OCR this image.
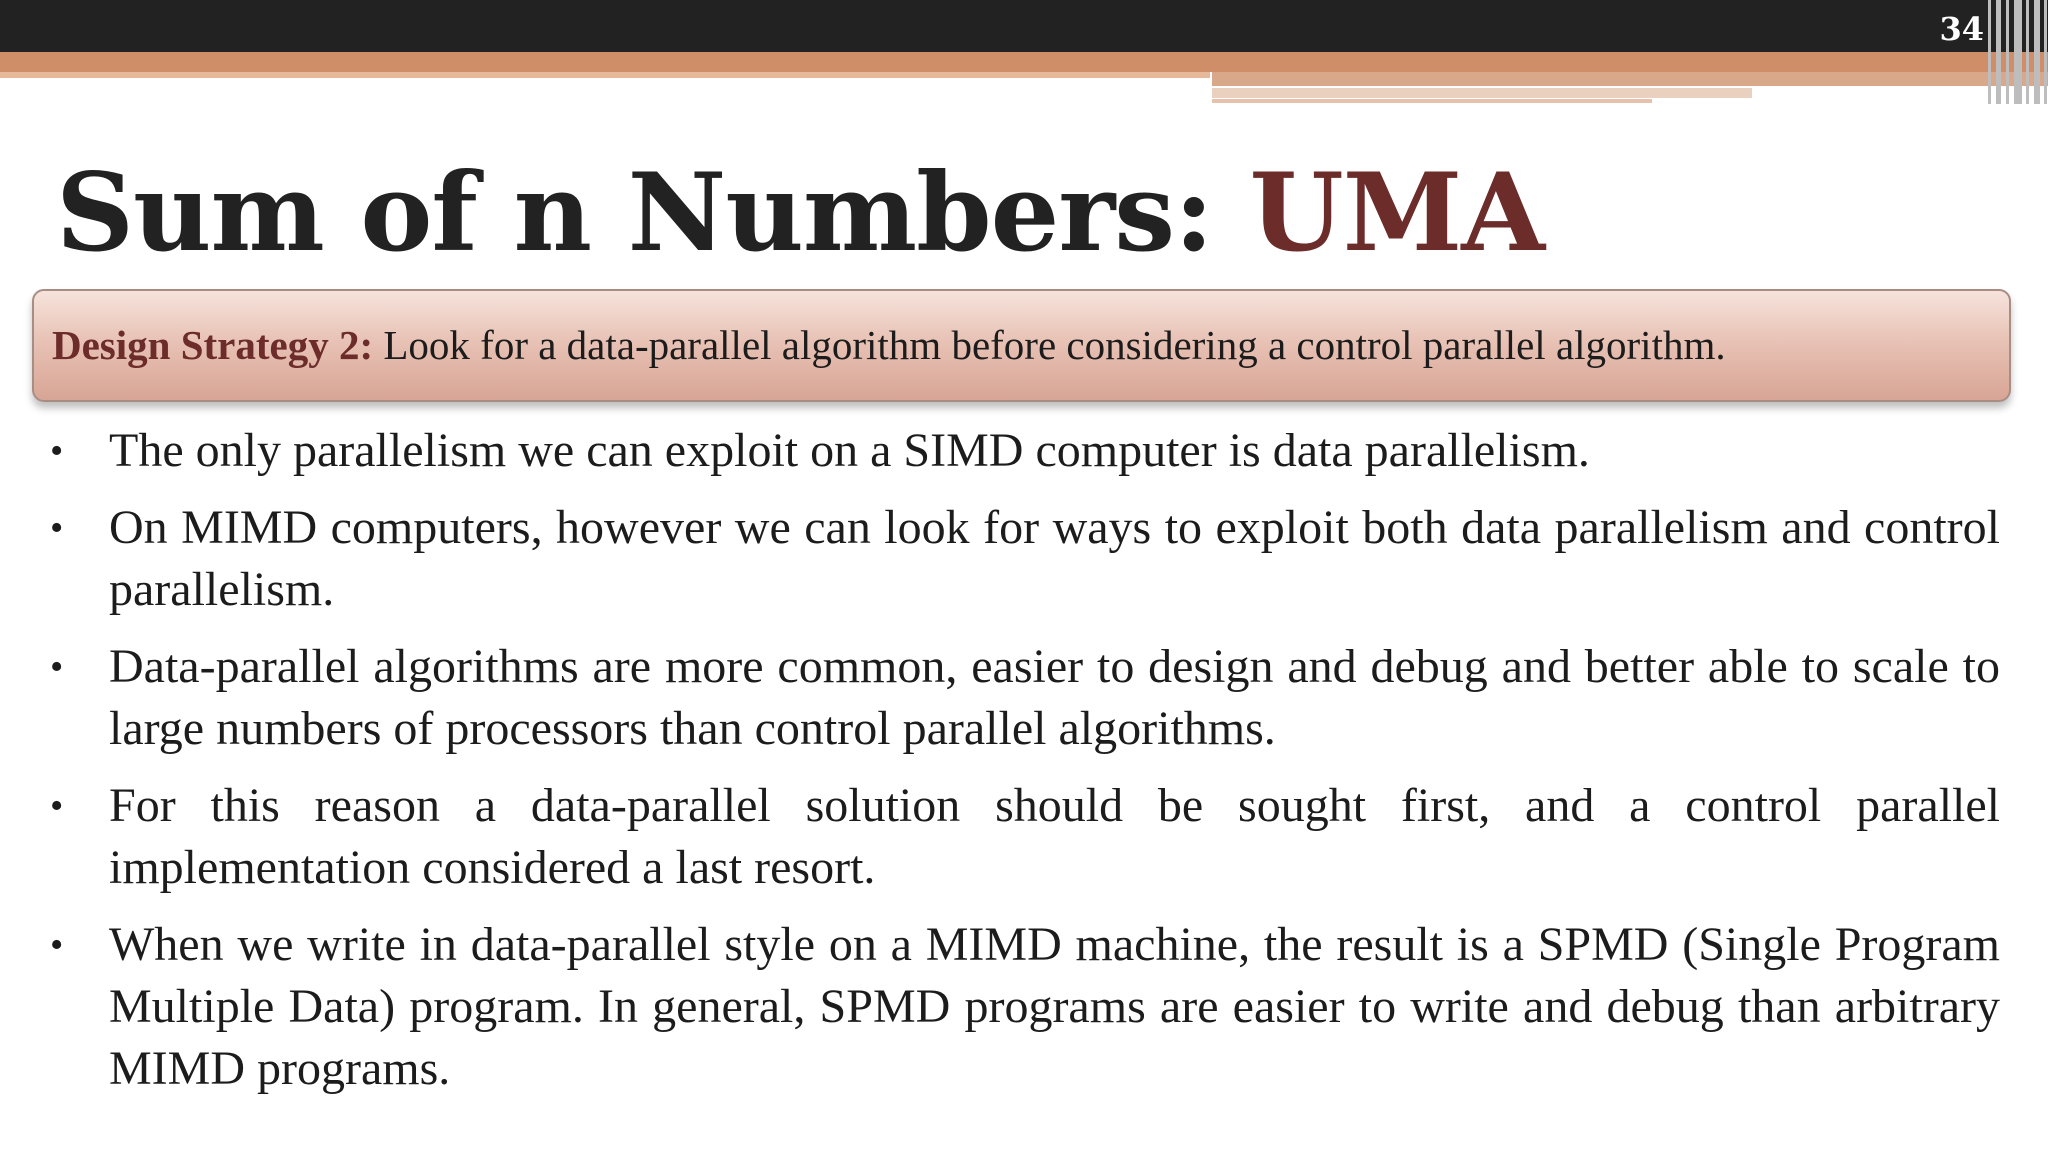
34
Sum of n Numbers: UMA
Design Strategy 2: Look for a data-parallel algorithm before considering a control parallel algorithm.
• The only parallelism we can exploit on a SIMD computer is data parallelism.
• On MIMD computers, however we can look for ways to exploit both data parallelism and control parallelism.
• Data-parallel algorithms are more common, easier to design and debug and better able to scale to large numbers of processors than control parallel algorithms.
• For this reason a data-parallel solution should be sought first, and a control parallel implementation considered a last resort.
• When we write in data-parallel style on a MIMD machine, the result is a SPMD (Single Program Multiple Data) program. In general, SPMD programs are easier to write and debug than arbitrary MIMD programs.
